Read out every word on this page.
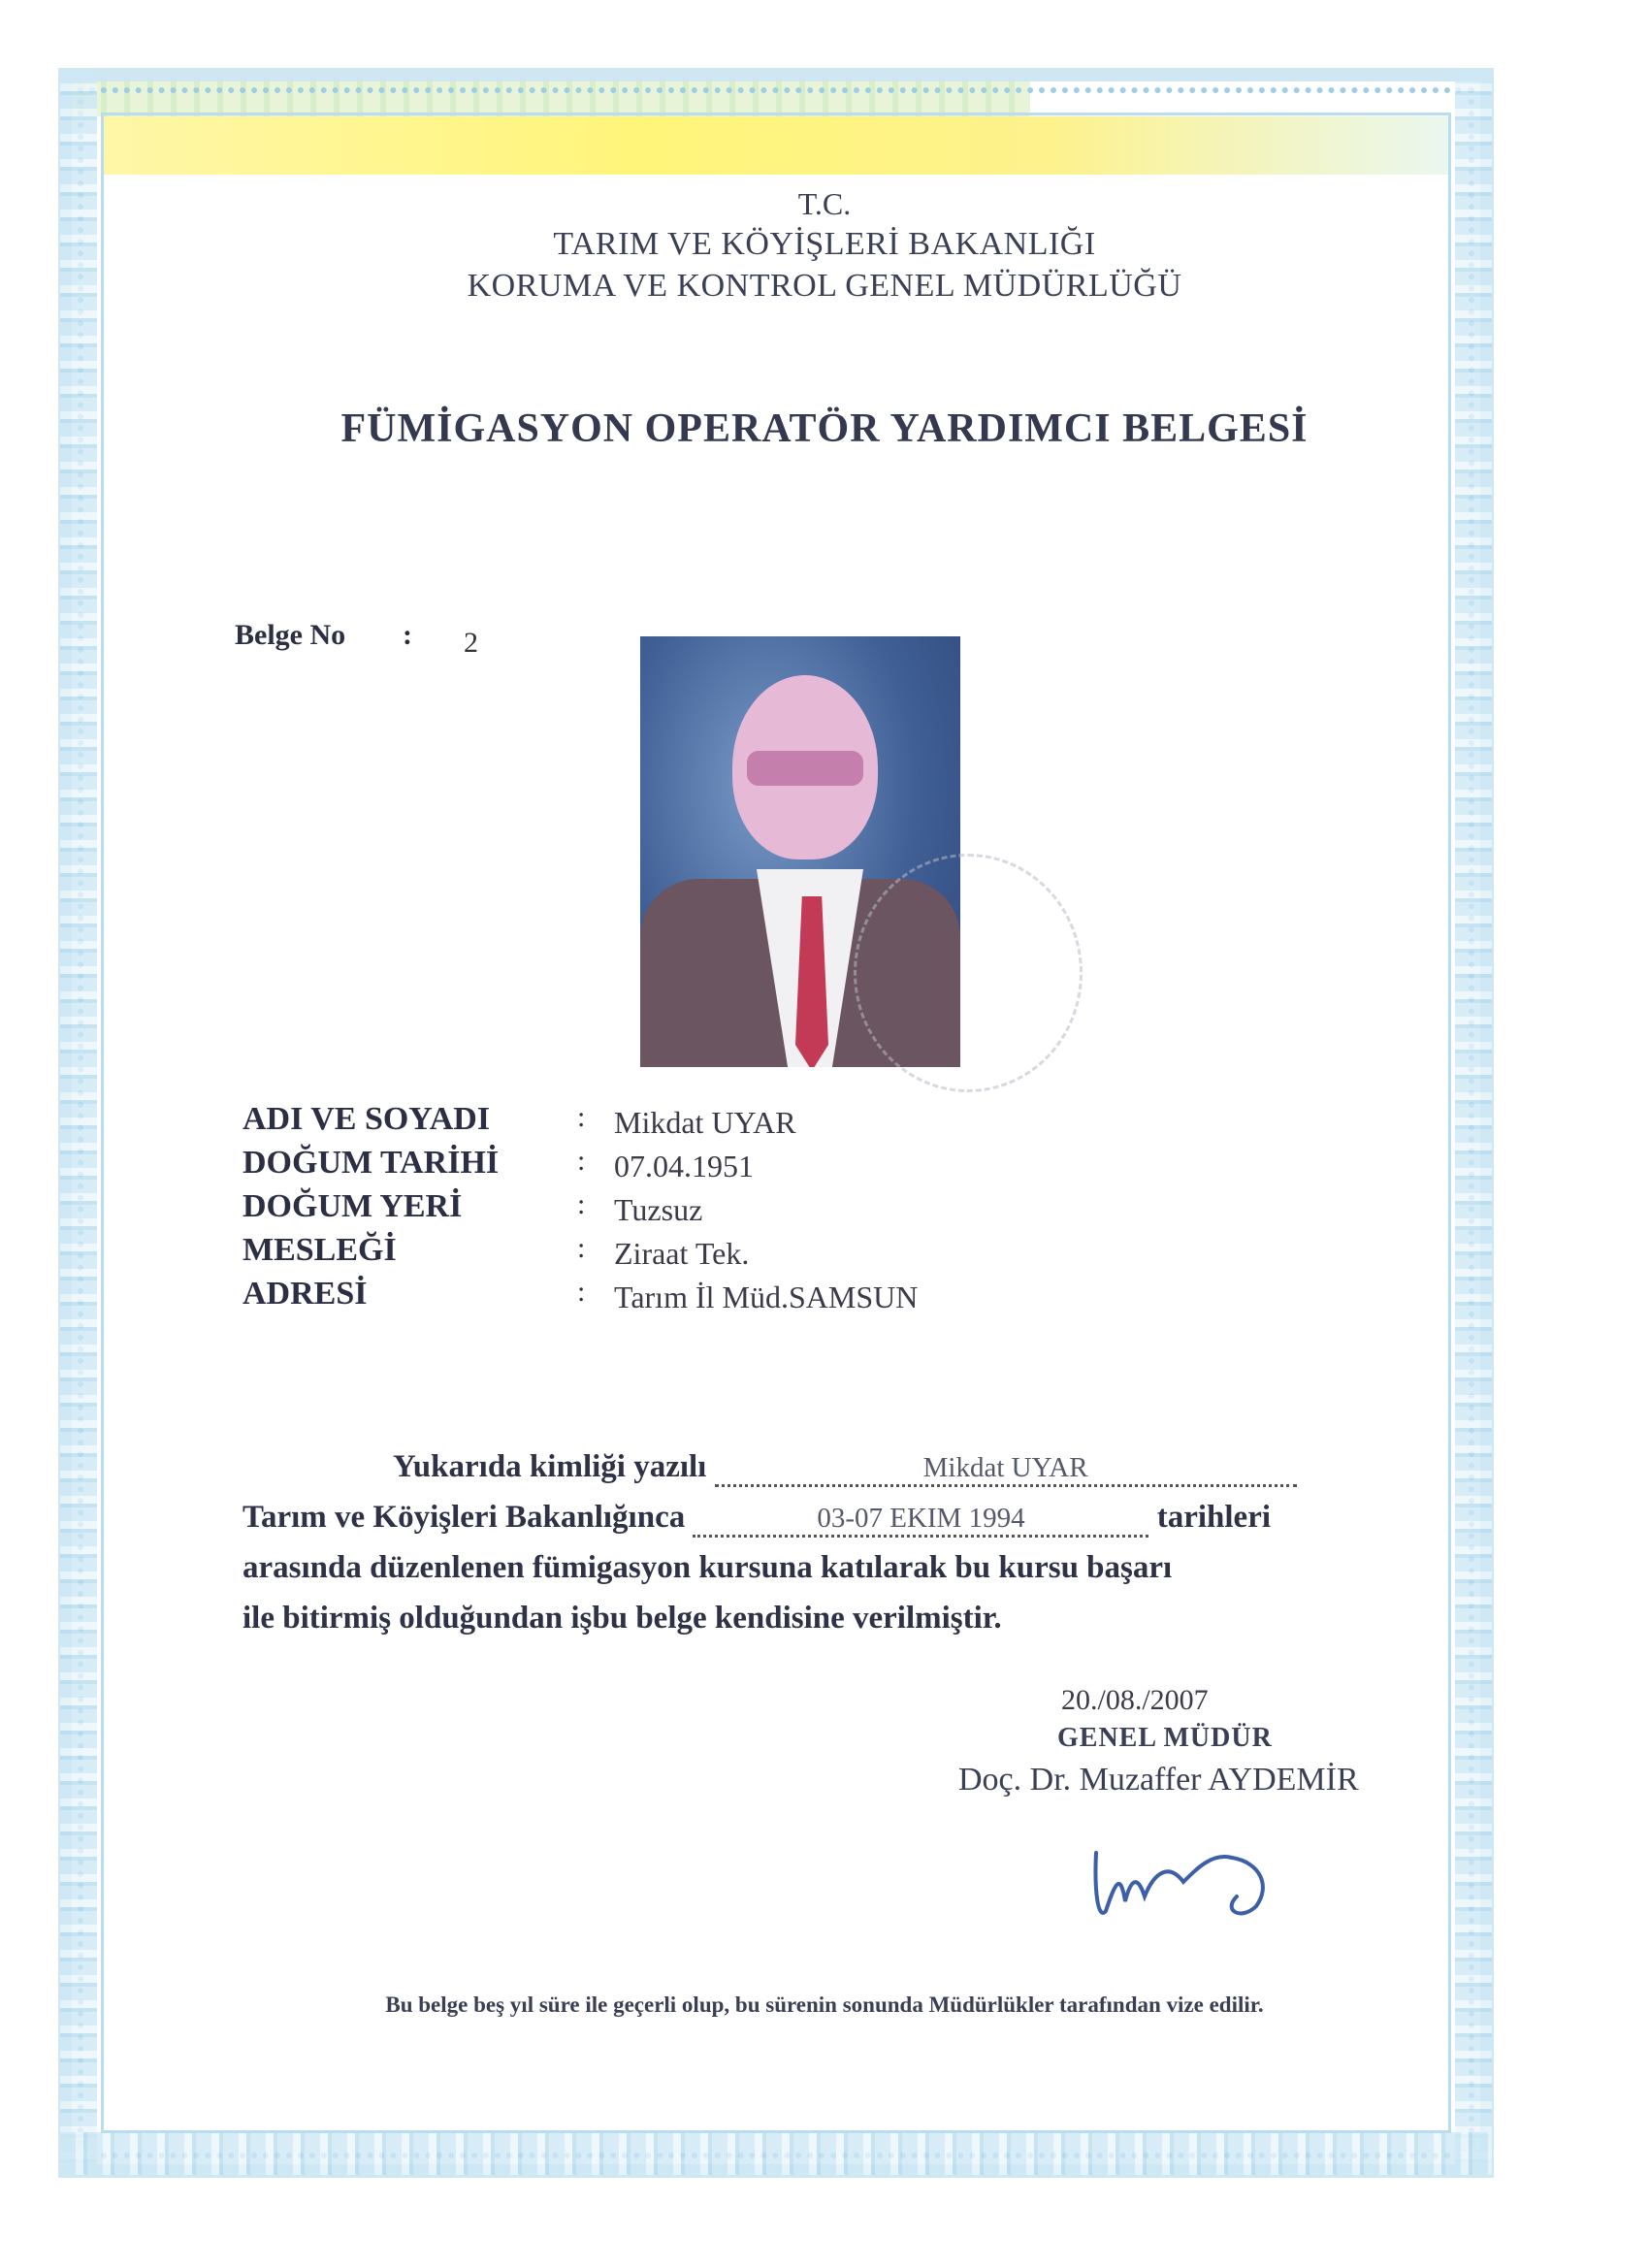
T.C.
TARIM VE KÖYİŞLERİ BAKANLIĞI
KORUMA VE KONTROL GENEL MÜDÜRLÜĞÜ
FÜMİGASYON OPERATÖR YARDIMCI BELGESİ
Belge No : 2
ADI VE SOYADI	: Mikdat UYAR
DOĞUM TARİHİ	: 07.04.1951
DOĞUM YERİ	: Tuzsuz
MESLEĞİ	: Ziraat Tek.
ADRESİ	: Tarım İl Müd.SAMSUN
Yukarıda kimliği yazılı	Mikdat UYAR
Tarım ve Köyişleri Bakanlığınca	03-07 EKIM 1994	tarihleri
arasında düzenlenen fümigasyon kursuna katılarak bu kursu başarı
ile bitirmiş olduğundan işbu belge kendisine verilmiştir.
20./08./2007
GENEL MÜDÜR
Doç. Dr. Muzaffer AYDEMİR
Bu belge beş yıl süre ile geçerli olup, bu sürenin sonunda Müdürlükler tarafından vize edilir.
